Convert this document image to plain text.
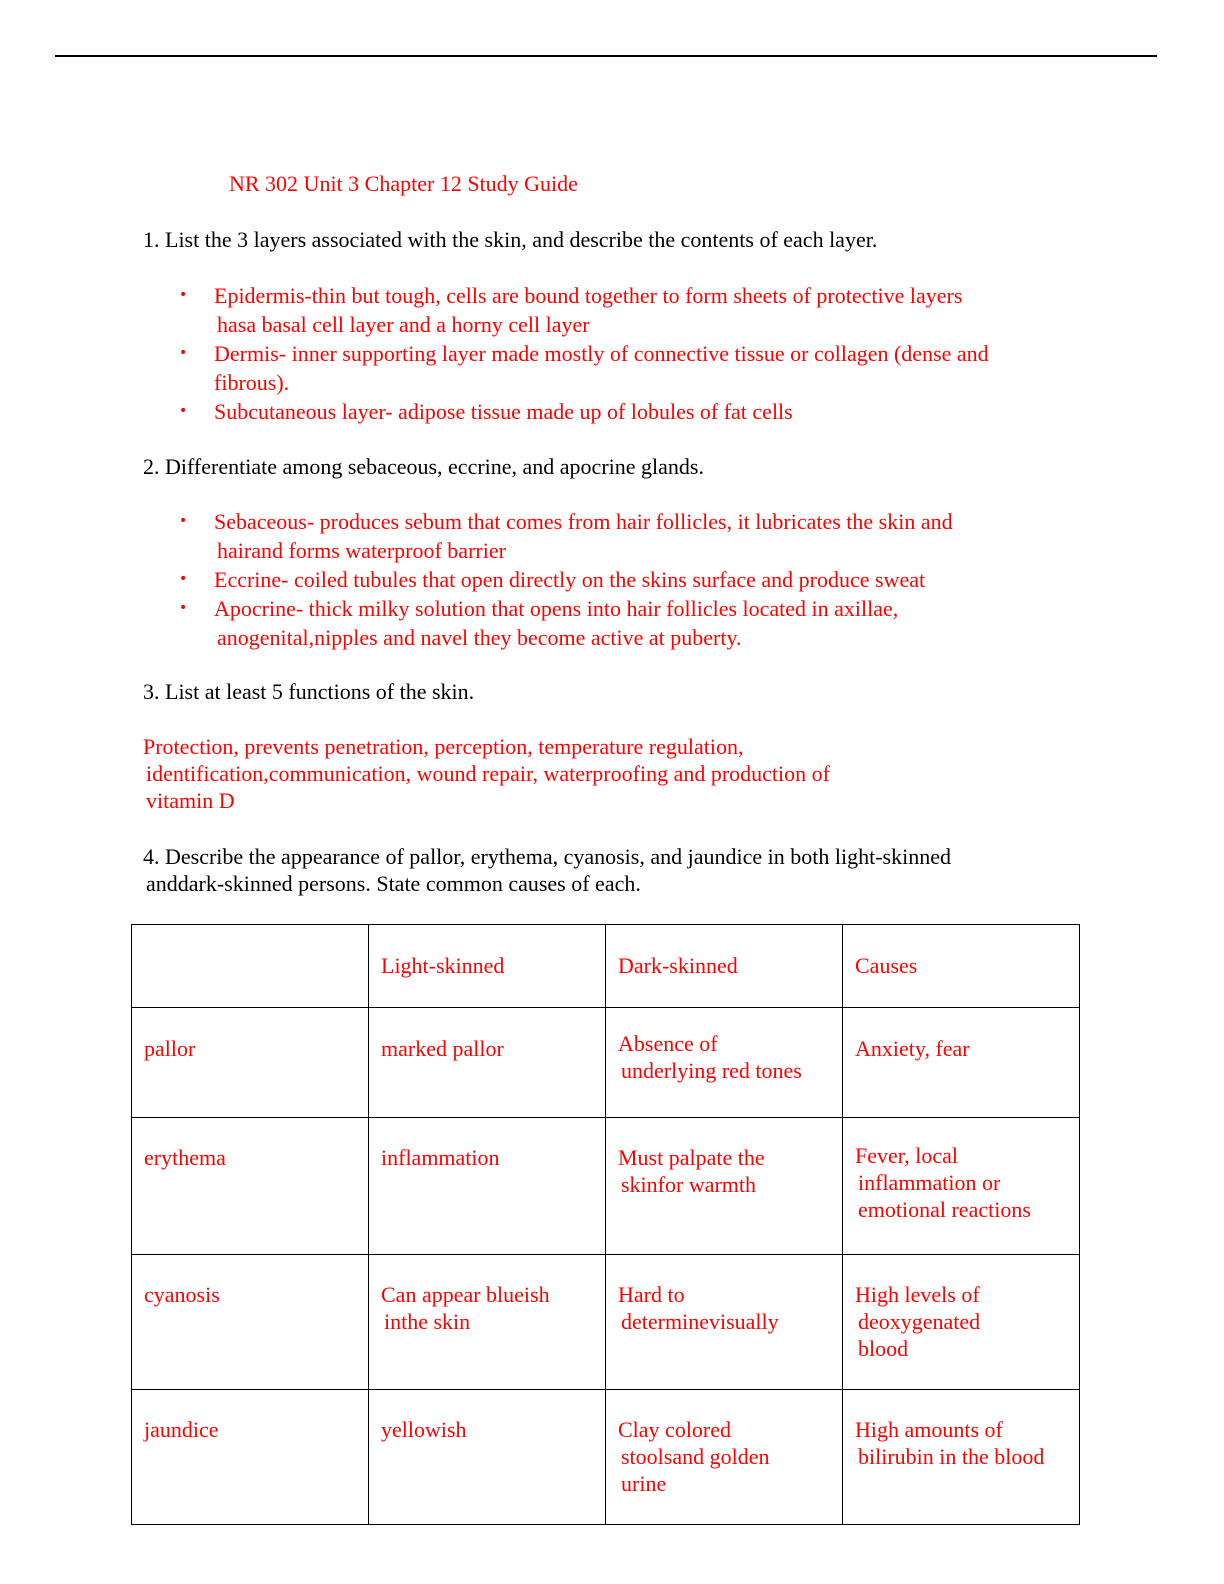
NR 302 Unit 3 Chapter 12 Study Guide
1. List the 3 layers associated with the skin, and describe the contents of each layer.
• Epidermis-thin but tough, cells are bound together to form sheets of protective layers
hasa basal cell layer and a horny cell layer
• Dermis- inner supporting layer made mostly of connective tissue or collagen (dense and
fibrous).
• Subcutaneous layer- adipose tissue made up of lobules of fat cells
2. Differentiate among sebaceous, eccrine, and apocrine glands.
• Sebaceous- produces sebum that comes from hair follicles, it lubricates the skin and
hairand forms waterproof barrier
• Eccrine- coiled tubules that open directly on the skins surface and produce sweat
• Apocrine- thick milky solution that opens into hair follicles located in axillae,
anogenital,nipples and navel they become active at puberty.
3. List at least 5 functions of the skin.
Protection, prevents penetration, perception, temperature regulation,
identification,communication, wound repair, waterproofing and production of
vitamin D
4. Describe the appearance of pallor, erythema, cyanosis, and jaundice in both light-skinned
anddark-skinned persons. State common causes of each.
	Light-skinned	Dark-skinned	Causes
pallor	marked pallor	Absence of
underlying red tones	Anxiety, fear

erythema	inflammation	Must palpate the
skinfor warmth	Fever, local
inflammation or
emotional reactions

cyanosis	Can appear blueish
inthe skin	Hard to
determinevisually	High levels of
deoxygenated
blood

jaundice	yellowish	Clay colored
stoolsand golden
urine	High amounts of
bilirubin in the blood
